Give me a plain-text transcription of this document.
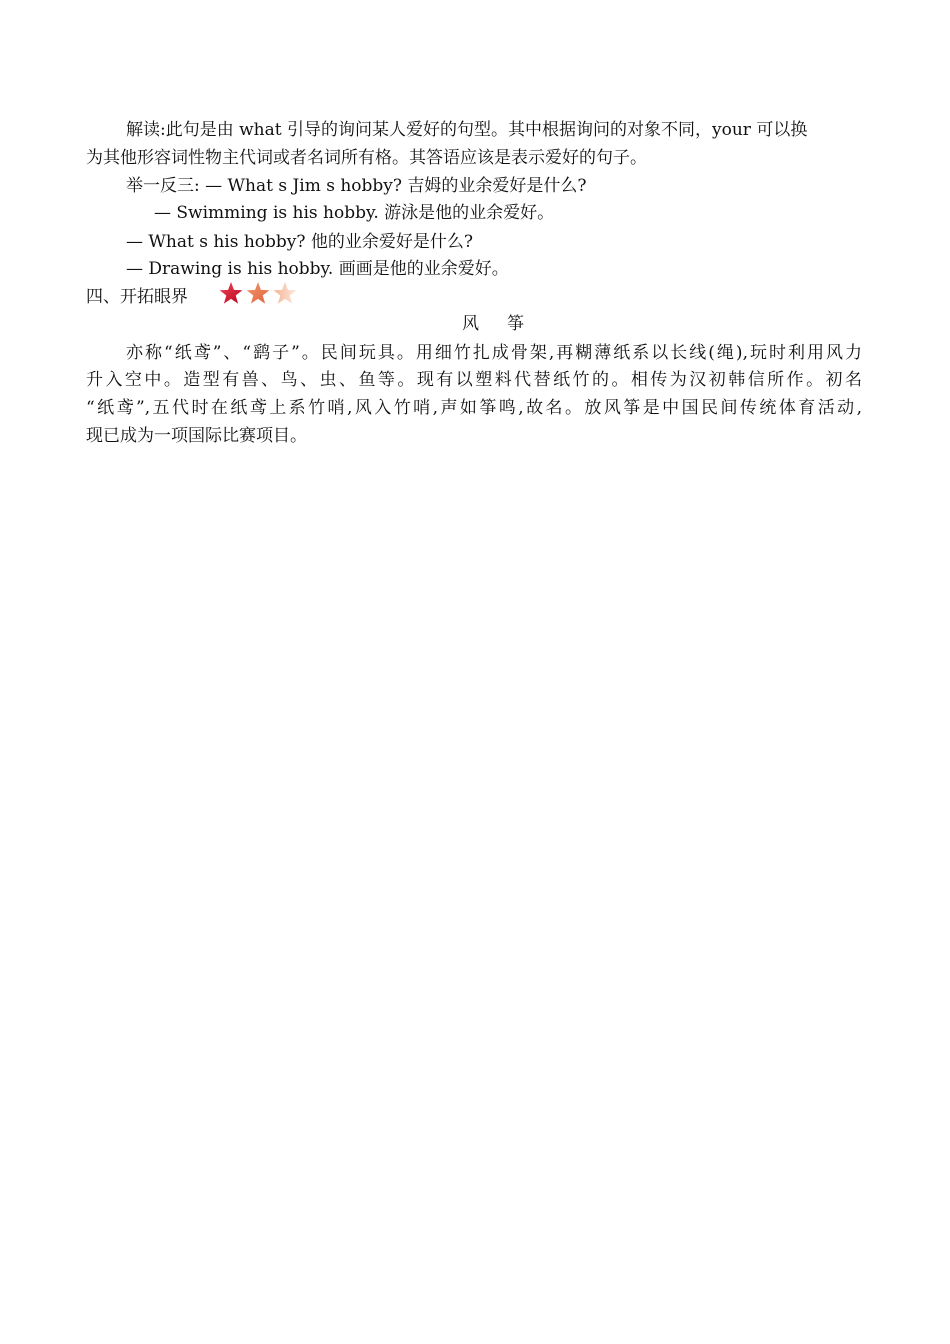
解读:此句是由 what 引导的询问某人爱好的句型。其中根据询问的对象不同，your 可以换
为其他形容词性物主代词或者名词所有格。其答语应该是表示爱好的句子。
举一反三: — What s Jim s hobby? 吉姆的业余爱好是什么?
— Swimming is his hobby. 游泳是他的业余爱好。
— What s his hobby? 他的业余爱好是什么?
— Drawing is his hobby. 画画是他的业余爱好。
四、开拓眼界
风 筝
亦称“纸鸢”、“鹞子”。民间玩具。用细竹扎成骨架,再糊薄纸系以长线(绳),玩时利用风力
升入空中。造型有兽、鸟、虫、鱼等。现有以塑料代替纸竹的。相传为汉初韩信所作。初名
“纸鸢”,五代时在纸鸢上系竹哨,风入竹哨,声如筝鸣,故名。放风筝是中国民间传统体育活动,
现已成为一项国际比赛项目。
